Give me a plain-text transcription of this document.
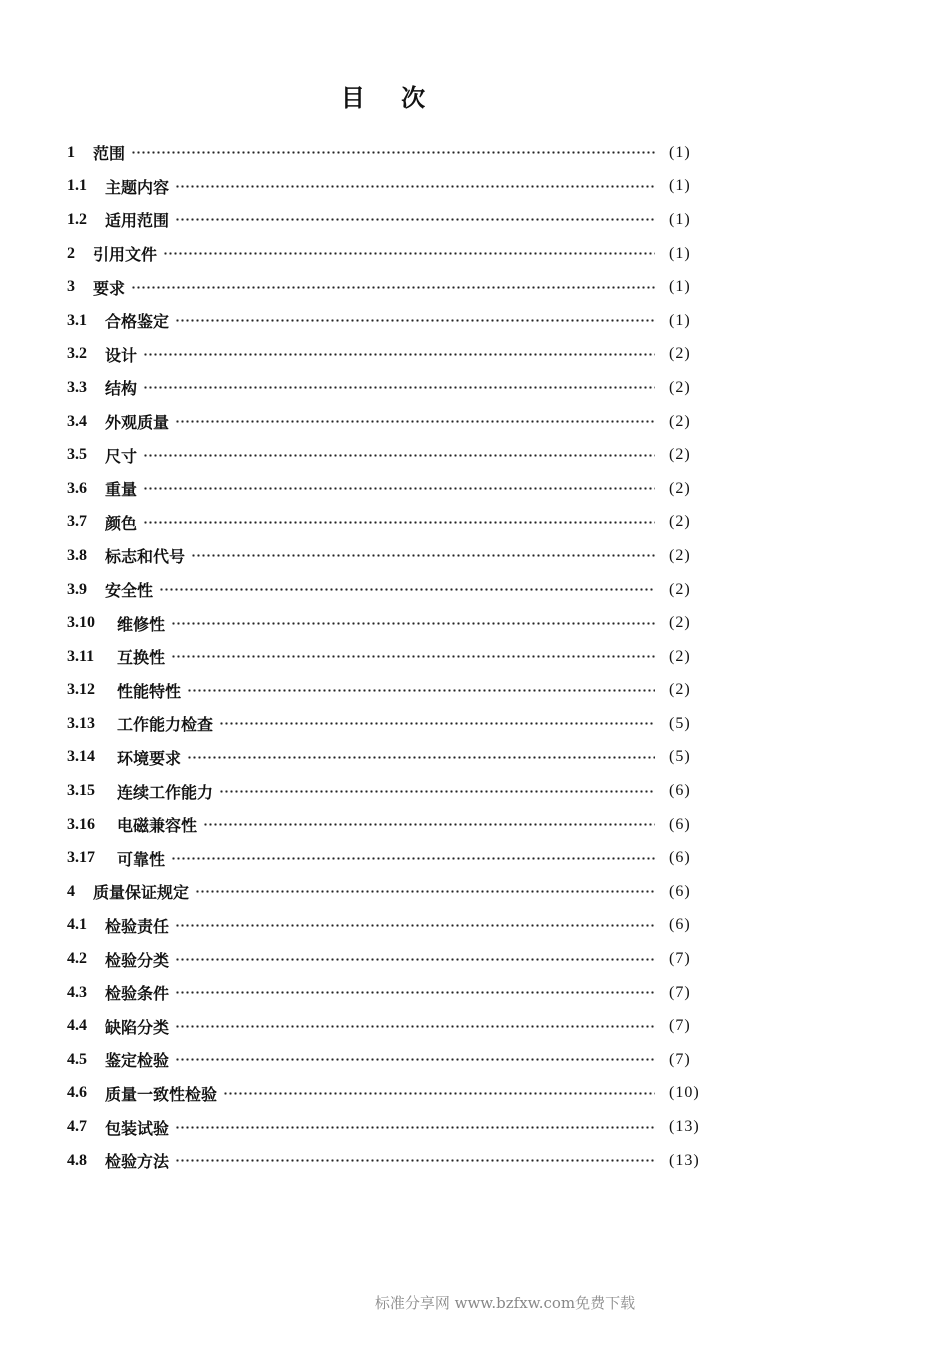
目 次
1	范围	(1)
1.1	主题内容	(1)
1.2	适用范围	(1)
2	引用文件	(1)
3	要求	(1)
3.1	合格鉴定	(1)
3.2	设计	(2)
3.3	结构	(2)
3.4	外观质量	(2)
3.5	尺寸	(2)
3.6	重量	(2)
3.7	颜色	(2)
3.8	标志和代号	(2)
3.9	安全性	(2)
3.10	维修性	(2)
3.11	互换性	(2)
3.12	性能特性	(2)
3.13	工作能力检查	(5)
3.14	环境要求	(5)
3.15	连续工作能力	(6)
3.16	电磁兼容性	(6)
3.17	可靠性	(6)
4	质量保证规定	(6)
4.1	检验责任	(6)
4.2	检验分类	(7)
4.3	检验条件	(7)
4.4	缺陷分类	(7)
4.5	鉴定检验	(7)
4.6	质量一致性检验	(10)
4.7	包装试验	(13)
4.8	检验方法	(13)
标准分享网 www.bzfxw.com免费下载
